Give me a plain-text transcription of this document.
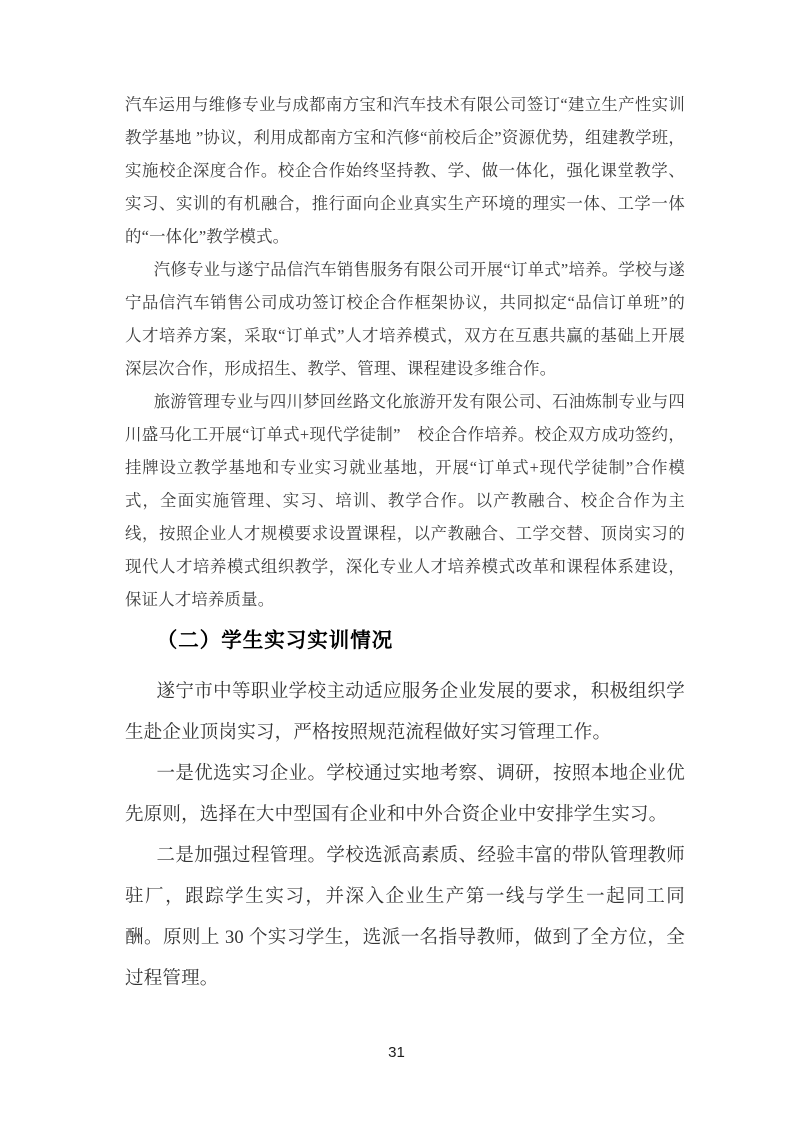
汽车运用与维修专业与成都南方宝和汽车技术有限公司签订“建立生产性实训教学基地 ”协议，利用成都南方宝和汽修“前校后企”资源优势，组建教学班，实施校企深度合作。校企合作始终坚持教、学、做一体化，强化课堂教学、实习、实训的有机融合，推行面向企业真实生产环境的理实一体、工学一体的“一体化”教学模式。

汽修专业与遂宁品信汽车销售服务有限公司开展“订单式”培养。学校与遂宁品信汽车销售公司成功签订校企合作框架协议，共同拟定“品信订单班”的人才培养方案，采取“订单式”人才培养模式，双方在互惠共赢的基础上开展深层次合作，形成招生、教学、管理、课程建设多维合作。

旅游管理专业与四川梦回丝路文化旅游开发有限公司、石油炼制专业与四川盛马化工开展“订单式+现代学徒制”　校企合作培养。校企双方成功签约，挂牌设立教学基地和专业实习就业基地，开展“订单式+现代学徒制”合作模式，全面实施管理、实习、培训、教学合作。以产教融合、校企合作为主线，按照企业人才规模要求设置课程，以产教融合、工学交替、顶岗实习的现代人才培养模式组织教学，深化专业人才培养模式改革和课程体系建设，保证人才培养质量。

（二）学生实习实训情况

遂宁市中等职业学校主动适应服务企业发展的要求，积极组织学生赴企业顶岗实习，严格按照规范流程做好实习管理工作。

一是优选实习企业。学校通过实地考察、调研，按照本地企业优先原则，选择在大中型国有企业和中外合资企业中安排学生实习。

二是加强过程管理。学校选派高素质、经验丰富的带队管理教师驻厂，跟踪学生实习，并深入企业生产第一线与学生一起同工同酬。原则上 30 个实习学生，选派一名指导教师，做到了全方位，全过程管理。

31
